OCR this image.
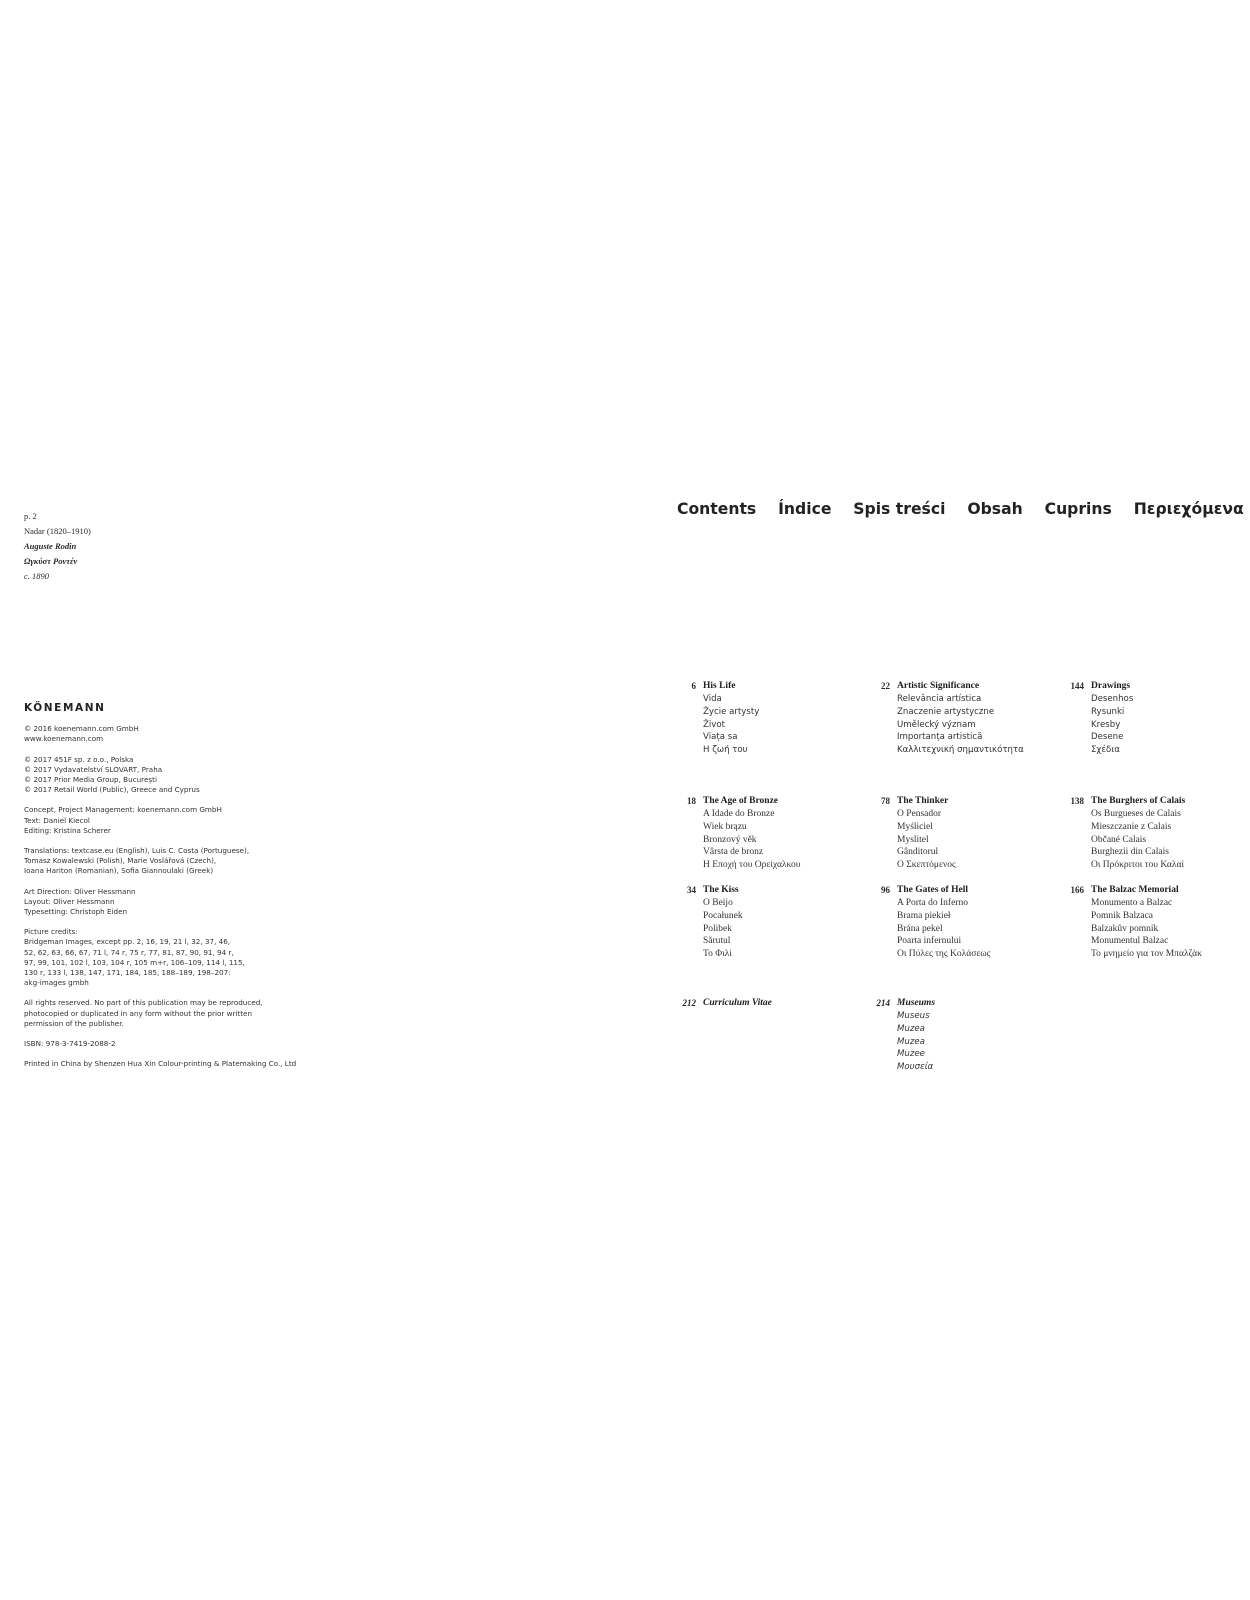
p. 2
Nadar (1820–1910)
Auguste Rodin
Ωγκύστ Ροντέν
c. 1890
KÖNEMANN
© 2016 koenemann.com GmbH
www.koenemann.com
© 2017 451F sp. z o.o., Polska
© 2017 Vydavatelství SLOVART, Praha
© 2017 Prior Media Group, București
© 2017 Retail World (Public), Greece and Cyprus
Concept, Project Management: koenemann.com GmbH
Text: Daniel Kiecol
Editing: Kristina Scherer
Translations: textcase.eu (English), Luis C. Costa (Portuguese),
Tomasz Kowalewski (Polish), Marie Voslářová (Czech),
Ioana Hariton (Romanian), Sofia Giannoulaki (Greek)
Art Direction: Oliver Hessmann
Layout: Oliver Hessmann
Typesetting: Christoph Eiden
Picture credits:
Bridgeman Images, except pp. 2, 16, 19, 21 l, 32, 37, 46,
52, 62, 63, 66, 67, 71 l, 74 r, 75 r, 77, 81, 87, 90, 91, 94 r,
97, 99, 101, 102 l, 103, 104 r, 105 m+r, 106–109, 114 l, 115,
130 r, 133 l, 138, 147, 171, 184, 185, 188–189, 198–207:
akg-images gmbh
All rights reserved. No part of this publication may be reproduced,
photocopied or duplicated in any form without the prior written
permission of the publisher.
ISBN: 978-3-7419-2088-2
Printed in China by Shenzen Hua Xin Colour-printing & Platemaking Co., Ltd
Contents Índice Spis treści Obsah Cuprins Περιεχόμενα
6 His Life
Vida
Życie artysty
Život
Viața sa
Η ζωή του
22 Artistic Significance
Relevância artística
Znaczenie artystyczne
Umělecký význam
Importanța artistică
Καλλιτεχνική σημαντικότητα
144 Drawings
Desenhos
Rysunki
Kresby
Desene
Σχέδια
18 The Age of Bronze
A Idade do Bronze
Wiek brązu
Bronzový věk
Vârsta de bronz
Η Εποχή του Ορείχαλκου
78 The Thinker
O Pensador
Myśliciel
Myslitel
Gânditorul
Ο Σκεπτόμενος
138 The Burghers of Calais
Os Burgueses de Calais
Mieszczanie z Calais
Občané Calais
Burghezii din Calais
Οι Πρόκριτοι του Καλαί
34 The Kiss
O Beijo
Pocałunek
Polibek
Sărutul
Το Φιλί
96 The Gates of Hell
A Porta do Inferno
Brama piekieł
Brána pekel
Poarta infernului
Οι Πύλες της Κολάσεως
166 The Balzac Memorial
Monumento a Balzac
Pomnik Balzaca
Balzakův pomník
Monumentul Balzac
Το μνημείο για τον Μπαλζάκ
212 Curriculum Vitae	214 Museums
Museus
Muzea
Muzea
Muzee
Μουσεία
